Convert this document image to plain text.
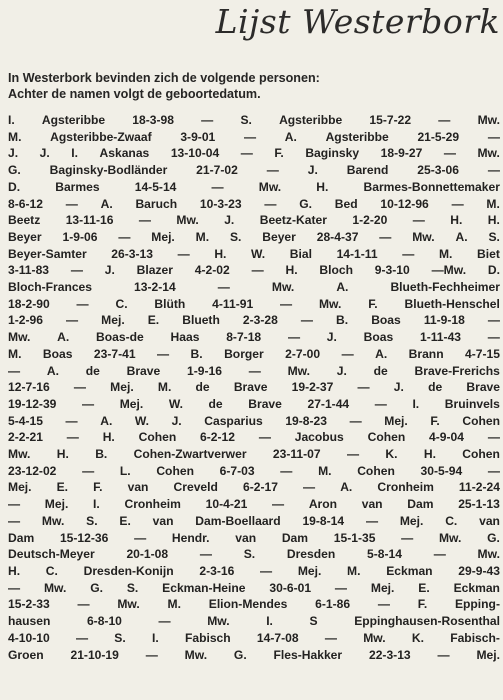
Lijst Westerbork
In Westerbork bevinden zich de volgende personen:
Achter de namen volgt de geboortedatum.
I. Agsteribbe 18-3-98 — S. Agsteribbe 15-7-22 — Mw.
M. Agsteribbe-Zwaaf 3-9-01 — A. Agsteribbe 21-5-29 —
J. J. I. Askanas 13-10-04 — F. Baginsky 18-9-27 — Mw.
G. Baginsky-Bodländer 21-7-02 — J. Barend 25-3-06 —
D.	Barmes	14-5-14	—	Mw.	H.	Barmes-Bonnettemaker
8-6-12 — A. Baruch 10-3-23 — G. Bed 10-12-96 — M.
Beetz 13-11-16 — Mw. J. Beetz-Kater 1-2-20 — H. H.
Beyer 1-9-06 — Mej. M. S. Beyer 28-4-37 — Mw. A. S.
Beyer-Samter 26-3-13 — H. W. Bial 14-1-11 — M. Biet
3-11-83 — J. Blazer 4-2-02 — H. Bloch 9-3-10 —Mw. D.
Bloch-Frances	13-2-14	—	Mw.	A.	Blueth-Fechheimer
18-2-90 — C. Blüth 4-11-91 — Mw. F. Blueth-Henschel
1-2-96 — Mej. E. Blueth 2-3-28 — B. Boas 11-9-18 —
Mw. A. Boas-de Haas 8-7-18 — J. Boas 1-11-43 —
M. Boas 23-7-41 — B. Borger 2-7-00 — A. Brann 4-7-15
— A. de Brave 1-9-16 — Mw. J. de Brave-Frerichs
12-7-16 — Mej. M. de Brave 19-2-37 — J. de Brave
19-12-39 — Mej. W. de Brave 27-1-44 — I. Bruinvels
5-4-15 — A. W. J. Casparius 19-8-23 — Mej. F. Cohen
2-2-21 — H. Cohen 6-2-12 — Jacobus Cohen 4-9-04 —
Mw. H. B. Cohen-Zwartverwer 23-11-07 — K. H. Cohen
23-12-02 — L. Cohen 6-7-03 — M. Cohen 30-5-94 —
Mej. E. F. van Creveld 6-2-17 — A. Cronheim 11-2-24
— Mej. I. Cronheim 10-4-21 — Aron van Dam 25-1-13
— Mw. S. E. van Dam-Boellaard 19-8-14 — Mej. C. van
Dam 15-12-36 — Hendr. van Dam 15-1-35 — Mw. G.
Deutsch-Meyer	20-1-08	—	S.	Dresden	5-8-14	—	Mw.
H. C. Dresden-Konijn 2-3-16 — Mej. M. Eckman 29-9-43
— Mw. G. S. Eckman-Heine 30-6-01 — Mej. E. Eckman
15-2-33 — Mw. M. Elion-Mendes 6-1-86 — F. Epping-
hausen	6-8-10	—	Mw.	I.	S	Eppinghausen-Rosenthal
4-10-10 — S. I. Fabisch 14-7-08 — Mw. K. Fabisch-
Groen 21-10-19 — Mw. G. Fles-Hakker 22-3-13 — Mej.
